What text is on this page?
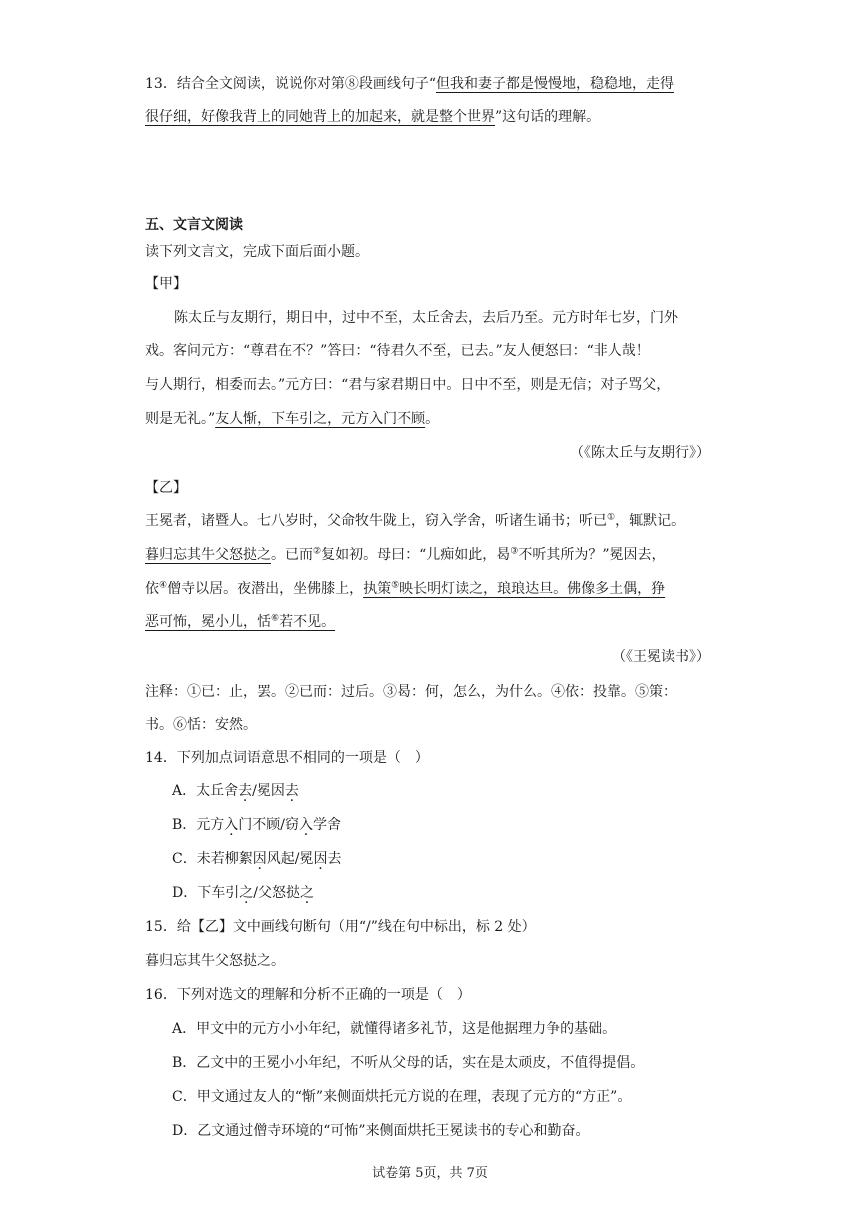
13．结合全文阅读，说说你对第⑧段画线句子“但我和妻子都是慢慢地，稳稳地，走得
很仔细，好像我背上的同她背上的加起来，就是整个世界”这句话的理解。
五、文言文阅读
读下列文言文，完成下面后面小题。
【甲】
陈太丘与友期行，期日中，过中不至，太丘舍去，去后乃至。元方时年七岁，门外
戏。客问元方：“尊君在不？”答曰：“待君久不至，已去。”友人便怒曰：“非人哉！
与人期行，相委而去。”元方曰：“君与家君期日中。日中不至，则是无信；对子骂父，
则是无礼。”友人惭，下车引之，元方入门不顾。
（《陈太丘与友期行》）
【乙】
王冕者，诸暨人。七八岁时，父命牧牛陇上，窃入学舍，听诸生诵书；听已①，辄默记。
暮归忘其牛父怒挞之。已而②复如初。母曰：“儿痴如此，曷③不听其所为？”冕因去，
依④僧寺以居。夜潜出，坐佛膝上，执策⑤映长明灯读之，琅琅达旦。佛像多土偶，狰
恶可怖，冕小儿，恬⑥若不见。
（《王冕读书》）
注释：①已：止，罢。②已而：过后。③曷：何，怎么，为什么。④依：投靠。⑤策：
书。⑥恬：安然。
14．下列加点词语意思不相同的一项是（　）
A．太丘舍去/冕因去
B．元方入门不顾/窃入学舍
C．未若柳絮因风起/冕因去
D．下车引之/父怒挞之
15．给【乙】文中画线句断句（用“/”线在句中标出，标 2 处）
暮归忘其牛父怒挞之。
16．下列对选文的理解和分析不正确的一项是（　）
A．甲文中的元方小小年纪，就懂得诸多礼节，这是他据理力争的基础。
B．乙文中的王冕小小年纪，不听从父母的话，实在是太顽皮，不值得提倡。
C．甲文通过友人的“惭”来侧面烘托元方说的在理，表现了元方的“方正”。
D．乙文通过僧寺环境的“可怖”来侧面烘托王冕读书的专心和勤奋。
试卷第 5页，共 7页
